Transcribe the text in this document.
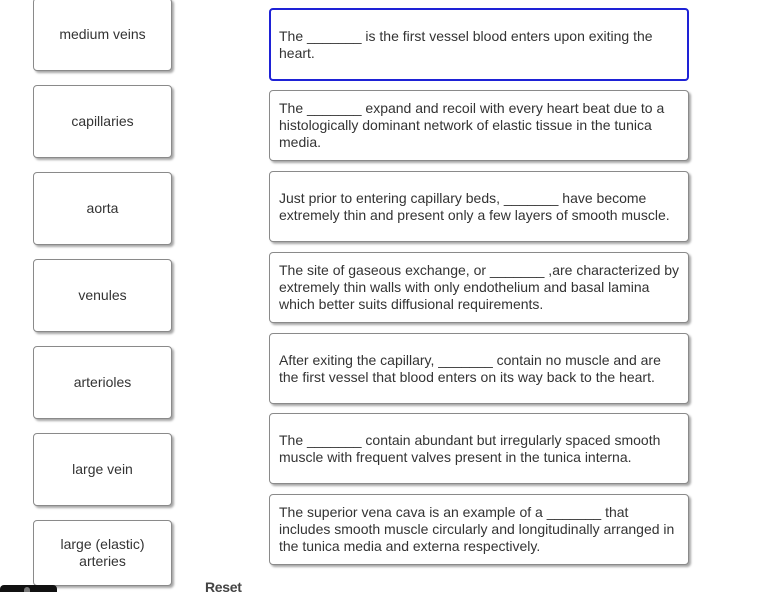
medium veins
capillaries
aorta
venules
arterioles
large vein
large (elastic) arteries
The _______ is the first vessel blood enters upon exiting the heart.
The _______ expand and recoil with every heart beat due to a histologically dominant network of elastic tissue in the tunica media.
Just prior to entering capillary beds, _______ have become extremely thin and present only a few layers of smooth muscle.
The site of gaseous exchange, or _______ ,are characterized by extremely thin walls with only endothelium and basal lamina which better suits diffusional requirements.
After exiting the capillary, _______ contain no muscle and are the first vessel that blood enters on its way back to the heart.
The _______ contain abundant but irregularly spaced smooth muscle with frequent valves present in the tunica interna.
The superior vena cava is an example of a _______ that includes smooth muscle circularly and longitudinally arranged in the tunica media and externa respectively.
Reset
